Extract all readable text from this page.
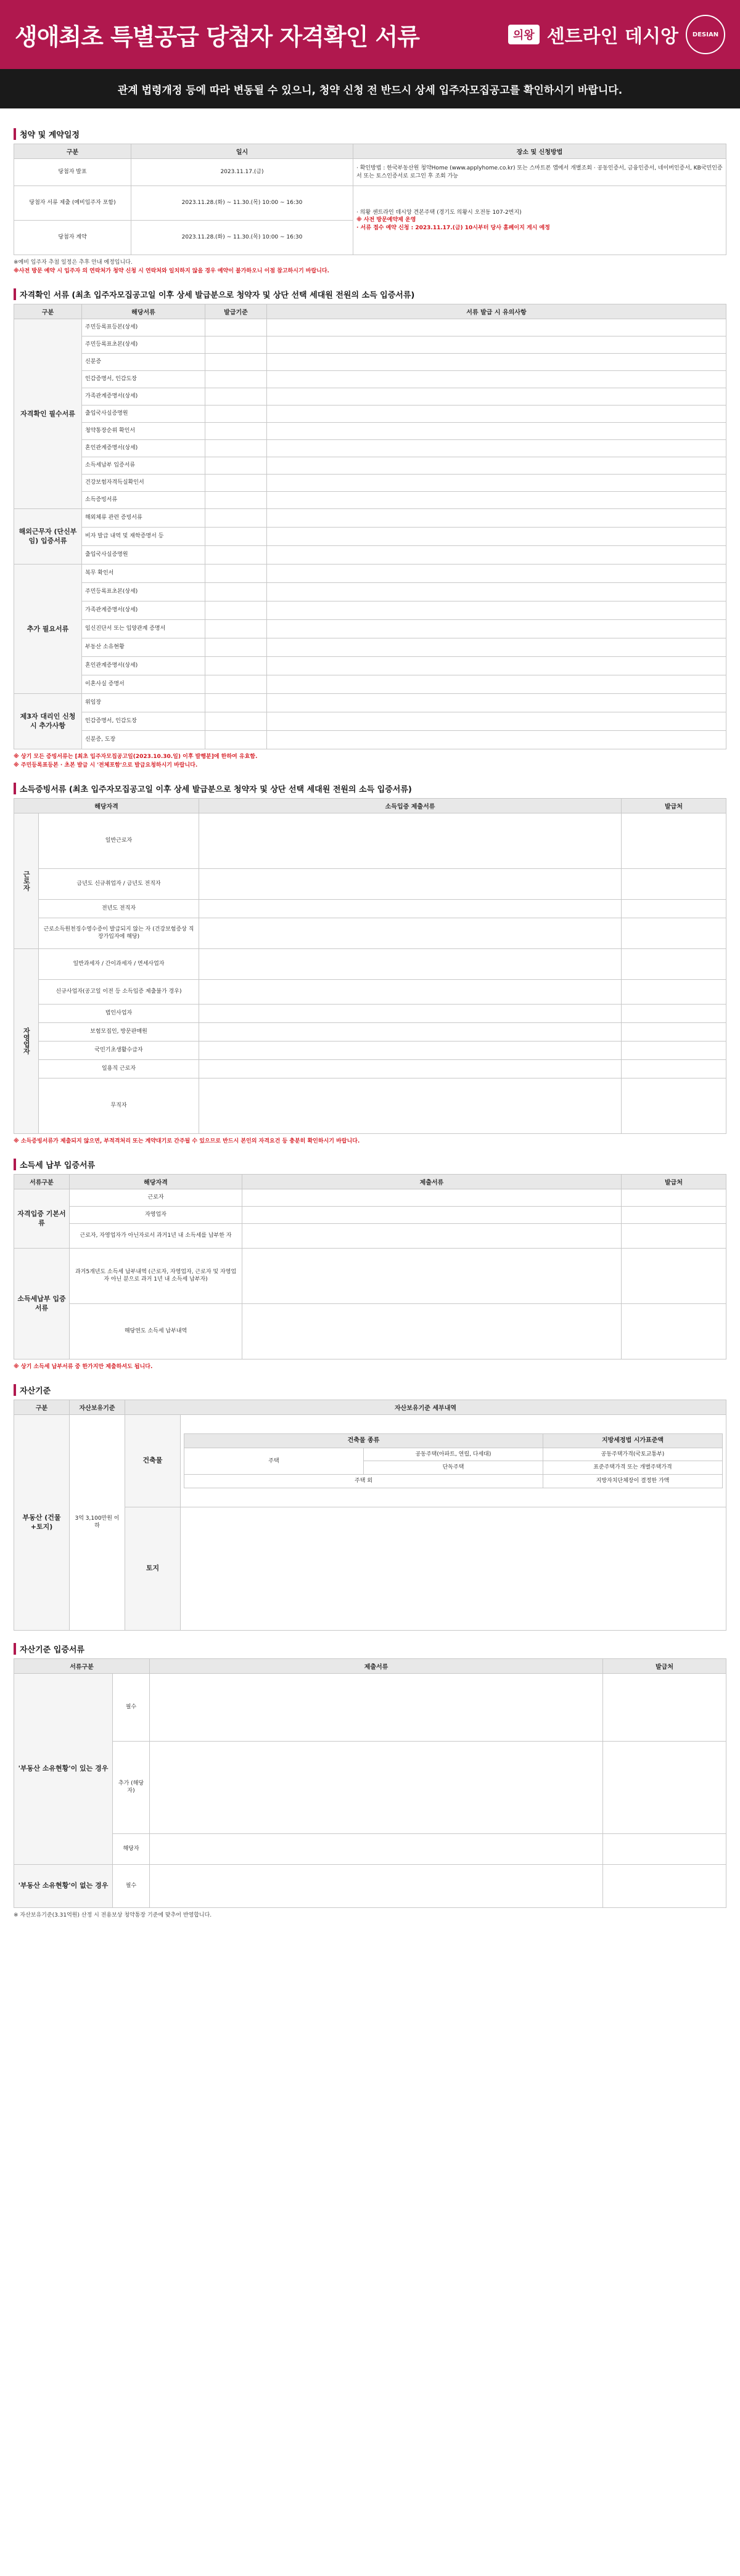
생애최초 특별공급 당첨자 자격확인 서류	의왕 센트라인 데시앙	DESIAN
관계 법령개정 등에 따라 변동될 수 있으니, 청약 신청 전 반드시 상세 입주자모집공고를 확인하시기 바랍니다.
청약 및 계약일정
구분	일시	장소 및 신청방법
당첨자 발표	2023.11.17.(금)	· 확인방법 : 한국부동산원 청약Home (www.applyhome.co.kr) 또는 스마트폰 앱에서 개별조회 · 공동인증서, 금융인증서, 네이버인증서, KB국민인증서 또는 토스인증서로 로그인 후 조회 가능
당첨자 서류 제출 (예비입주자 포함)	2023.11.28.(화) ~ 11.30.(목) 10:00 ~ 16:30	· 의왕 센트라인 데시앙 견본주택 (경기도 의왕시 오전동 107-2번지)
※ 사전 방문예약제 운영
· 서류 접수 예약 신청 : 2023.11.17.(금) 10시부터 당사 홈페이지 게시 예정

당첨자 계약	2023.11.28.(화) ~ 11.30.(목) 10:00 ~ 16:30	

※예비 입주자 추첨 일정은 추후 안내 예정입니다.

※사전 방문 예약 시 입주자 의 연락처가 청약 신청 시 연락처와 일치하지 않을 경우 예약이 불가하오니 이점 참고하시기 바랍니다.

자격확인 서류 (최초 입주자모집공고일 이후 상세 발급분으로 청약자 및 상단 선택 세대원 전원의 소득 입증서류)
구분	해당서류	발급기준	서류 발급 시 유의사항
자격확인 필수서류	주민등록표등본(상세)		
	주민등록표초본(상세)		
	신분증		
	인감증명서, 인감도장		
	가족관계증명서(상세)		
	출입국사실증명원		
	청약통장순위 확인서		
	혼인관계증명서(상세)		
	소득세납부 입증서류		
	건강보험자격득실확인서		
	소득증빙서류		
해외근무자 (단신부임) 입증서류	해외체류 관련 증빙서류		
	비자 발급 내역 및 재학증명서 등		
	출입국사실증명원		
추가 필요서류	복무 확인서		
	주민등록표초본(상세)		
	가족관계증명서(상세)		
	임신진단서 또는 입양관계 증명서		
	부동산 소유현황		
	혼인관계증명서(상세)		
	이혼사실 증명서		
제3자 대리인 신청 시 추가사항	위임장		
	인감증명서, 인감도장		
	신분증, 도장		

※ 상기 모든 증빙서류는 [최초 입주자모집공고일(2023.10.30.일) 이후 발행분]에 한하여 유효함.

※ 주민등록표등본 · 초본 발급 시 '전체포함'으로 발급요청하시기 바랍니다.

소득증빙서류 (최초 입주자모집공고일 이후 상세 발급분으로 청약자 및 상단 선택 세대원 전원의 소득 입증서류)
해당자격		소득입증 제출서류	발급처
근로자	일반근로자		
	금년도 신규취업자 / 금년도 전직자		
	전년도 전직자		
	근로소득원천징수영수증이 발급되지 않는 자 (건강보험증상 직장가입자에 해당)		
자영업자	일반과세자 / 간이과세자 / 면세사업자		
	신규사업자(공고일 이전 등 소득입증 제출불가 경우)		
	법인사업자		
	보험모집인, 방문판매원		
	국민기초생활수급자		
	일용직 근로자		
	무직자		

※ 소득증빙서류가 제출되지 않으면, 부적격처리 또는 계약대기로 간주될 수 있으므로 반드시 본인의 자격요건 등 충분히 확인하시기 바랍니다.

소득세 납부 입증서류
서류구분	해당자격	제출서류	발급처
자격입증 기본서류	근로자		
	자영업자		
	근로자, 자영업자가 아닌자로서 과거1년 내 소득세를 납부한 자		
소득세납부 입증서류	과거5개년도 소득세 납부내역 (근로자, 자영업자, 근로자 및 자영업자 아닌 분으로 과거 1년 내 소득세 납부자)		
	해당연도 소득세 납부내역		

※ 상기 소득세 납부서류 중 한가지만 제출하셔도 됩니다.

자산기준
구분	자산보유기준	자산보유기준 세부내역
부동산 (건물+토지)	3억 3,100만원 이하	건축물	
건축물 종류	지방세정법 시가표준액
주택	공동주택(아파트, 연립, 다세대)	공동주택가격(국토교통부)
단독주택	표준주택가격 또는 개별주택가격
주택 외	지방자치단체장이 결정한 가액

토지	
자산기준 입증서류
서류구분		제출서류	발급처
'부동산 소유현황'이 있는 경우	필수		
	추가 (해당자)		
	해당자		
'부동산 소유현황'이 없는 경우	필수		

※ 자산보유기준(3.31억원) 산정 시 전용보상 청약통장 기준에 맞추어 반영합니다.
